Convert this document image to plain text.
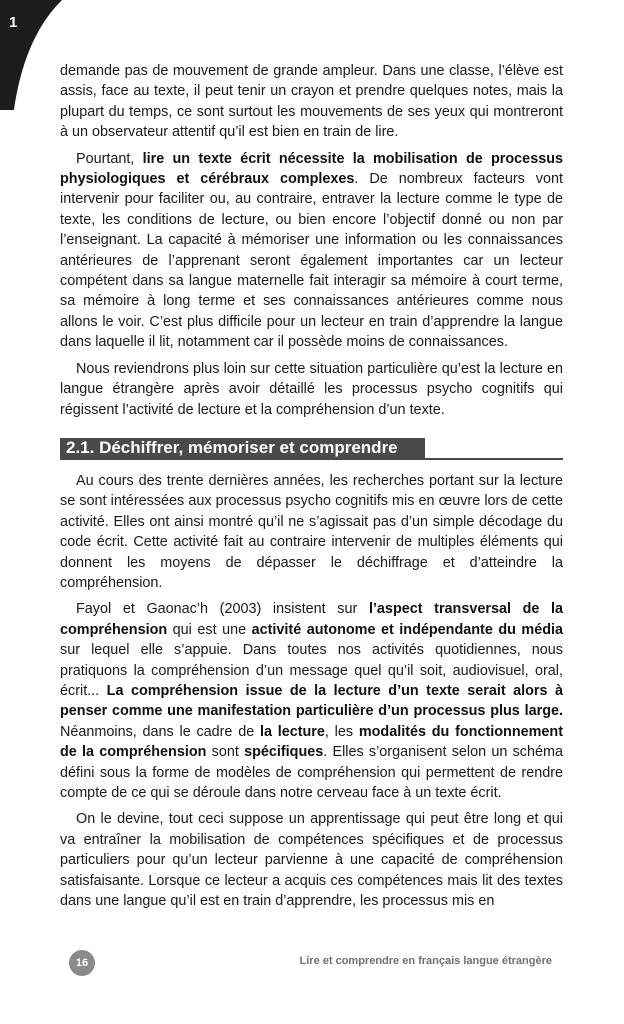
1

demande pas de mouvement de grande ampleur. Dans une classe, l’élève est assis, face au texte, il peut tenir un crayon et prendre quelques notes, mais la plupart du temps, ce sont surtout les mouvements de ses yeux qui montreront à un observateur attentif qu’il est bien en train de lire.

Pourtant, lire un texte écrit nécessite la mobilisation de processus physiologiques et cérébraux complexes. De nombreux facteurs vont intervenir pour faciliter ou, au contraire, entraver la lecture comme le type de texte, les conditions de lecture, ou bien encore l’objectif donné ou non par l’enseignant. La capacité à mémoriser une information ou les connaissances antérieures de l’apprenant seront également importantes car un lecteur compétent dans sa langue maternelle fait interagir sa mémoire à court terme, sa mémoire à long terme et ses connaissances antérieures comme nous allons le voir. C’est plus difficile pour un lecteur en train d’apprendre la langue dans laquelle il lit, notamment car il possède moins de connaissances.

Nous reviendrons plus loin sur cette situation particulière qu’est la lecture en langue étrangère après avoir détaillé les processus psycho cognitifs qui régissent l’activité de lecture et la compréhension d’un texte.

2.1. Déchiffrer, mémoriser et comprendre

Au cours des trente dernières années, les recherches portant sur la lecture se sont intéressées aux processus psycho cognitifs mis en œuvre lors de cette activité. Elles ont ainsi montré qu’il ne s’agissait pas d’un simple décodage du code écrit. Cette activité fait au contraire intervenir de multiples éléments qui donnent les moyens de dépasser le déchiffrage et d’atteindre la compréhension.

Fayol et Gaonac’h (2003) insistent sur l’aspect transversal de la compréhension qui est une activité autonome et indépendante du média sur lequel elle s’appuie. Dans toutes nos activités quotidiennes, nous pratiquons la compréhension d’un message quel qu’il soit, audiovisuel, oral, écrit... La compréhension issue de la lecture d’un texte serait alors à penser comme une manifestation particulière d’un processus plus large. Néanmoins, dans le cadre de la lecture, les modalités du fonctionnement de la compréhension sont spécifiques. Elles s’organisent selon un schéma défini sous la forme de modèles de compréhension qui permettent de rendre compte de ce qui se déroule dans notre cerveau face à un texte écrit.

On le devine, tout ceci suppose un apprentissage qui peut être long et qui va entraîner la mobilisation de compétences spécifiques et de processus particuliers pour qu’un lecteur parvienne à une capacité de compréhension satisfaisante. Lorsque ce lecteur a acquis ces compétences mais lit des textes dans une langue qu’il est en train d’apprendre, les processus mis en

16	Lire et comprendre en français langue étrangère
